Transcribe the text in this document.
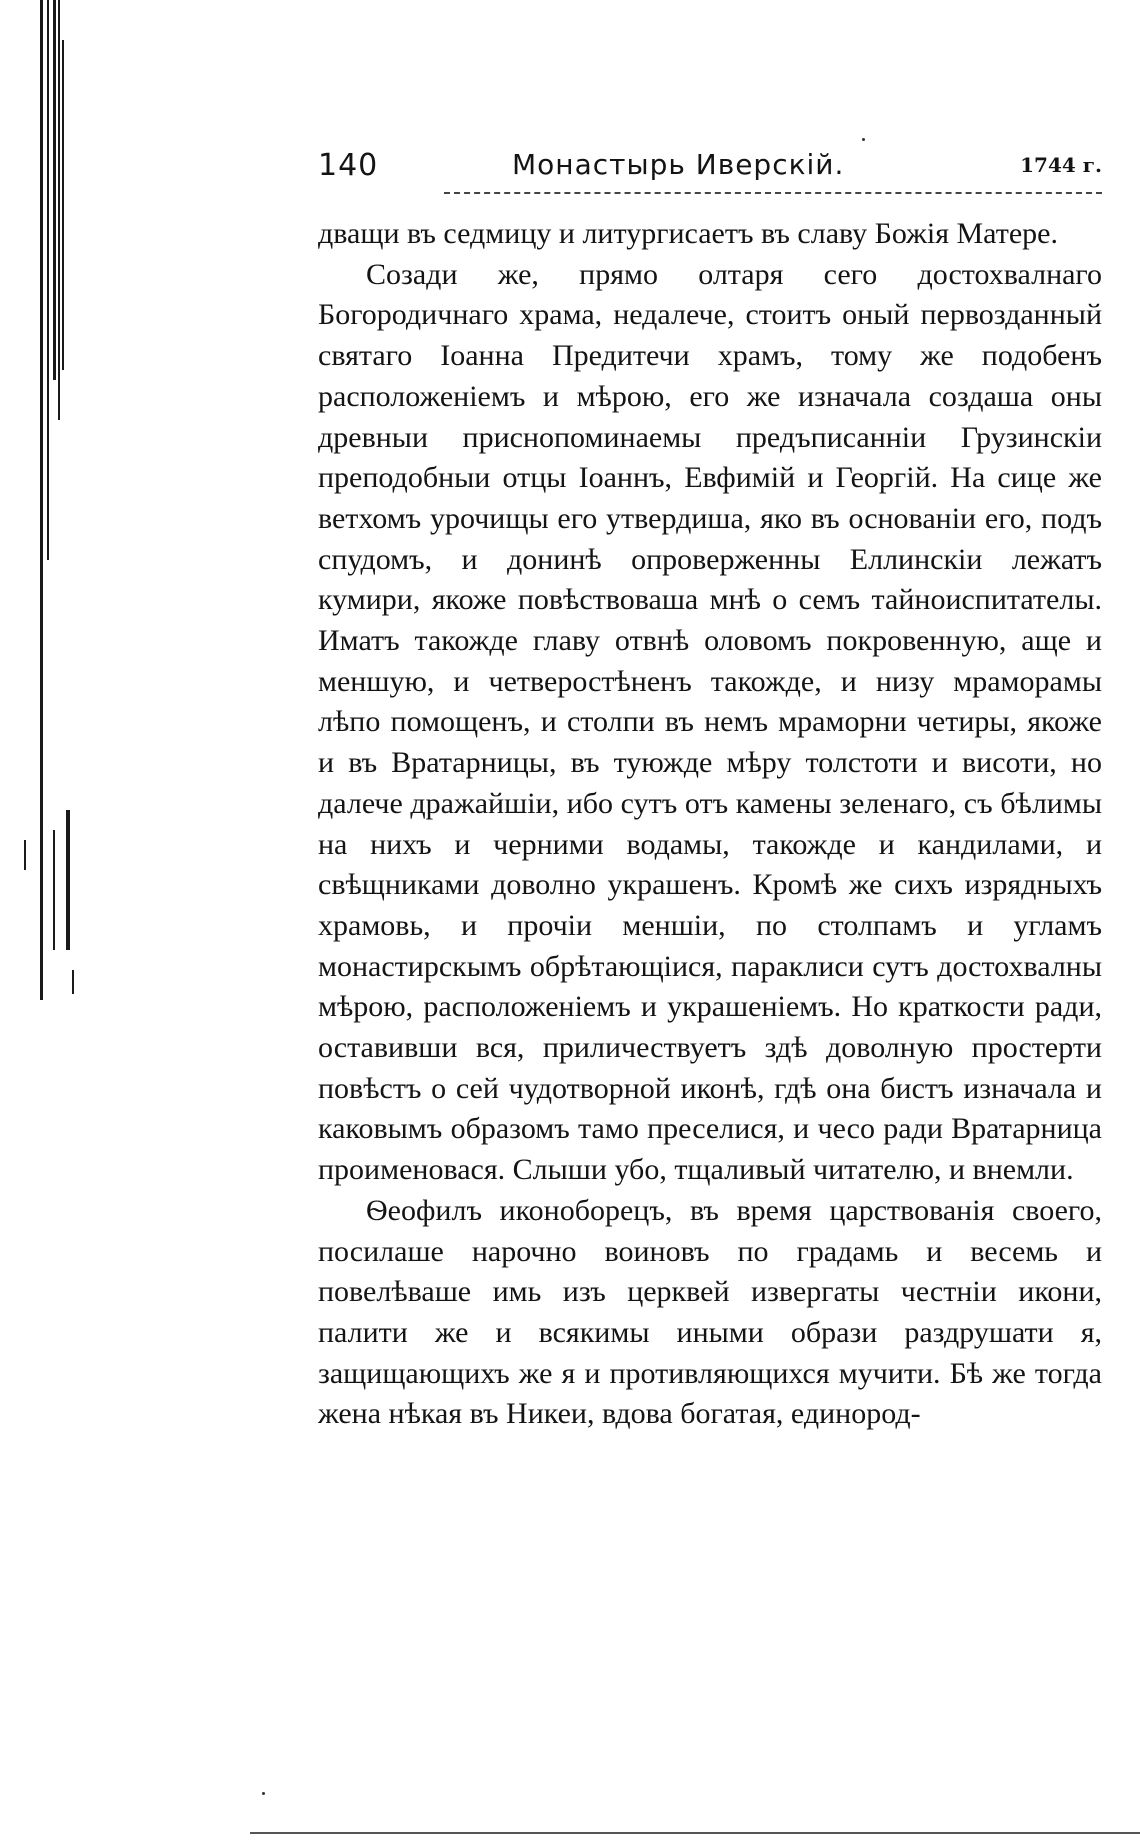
140	Монастырь Иверскій.	1744 г.

дващи въ седмицу и литургисаетъ въ славу Божія Матере.

Созади же, прямо олтаря сего достохвалнаго Богородичнаго храма, недалече, стоитъ оный первозданный святаго Іоанна Предитечи храмъ, тому же подобенъ расположеніемъ и мѣрою, его же изначала создаша оны древныи приснопоминаемы предъписанніи Грузинскіи преподобныи отцы Іоаннъ, Евфимій и Георгій. На сице же ветхомъ урочищы его утвердиша, яко въ основаніи его, подъ спудомъ, и донинѣ опроверженны Еллинскіи лежатъ кумири, якоже повѣствоваша мнѣ о семъ тайноиспитателы. Иматъ такожде главу отвнѣ оловомъ покровенную, аще и меншую, и четверостѣненъ такожде, и низу мраморамы лѣпо помощенъ, и столпи въ немъ мраморни четиры, якоже и въ Вратарницы, въ туюжде мѣру толстоти и висоти, но далече дражайшіи, ибо сутъ отъ камены зеленаго, съ бѣлимы на нихъ и черними водамы, такожде и кандилами, и свѣщниками доволно украшенъ. Кромѣ же сихъ изрядныхъ храмовь, и прочіи меншіи, по столпамъ и угламъ монастирскымъ обрѣтающіися, параклиси сутъ достохвалны мѣрою, расположеніемъ и украшеніемъ. Но краткости ради, оставивши вся, приличествуетъ здѣ доволную простерти повѣстъ о сей чудотворной иконѣ, гдѣ она бистъ изначала и каковымъ образомъ тамо преселися, и чесо ради Вратарница проименовася. Слыши убо, тщаливый читателю, и внемли.

Ѳеофилъ иконоборецъ, въ время царствованія своего, посилаше нарочно воиновъ по градамь и весемь и повелѣваше имь изъ церквей извергаты честніи икони, палити же и всякимы иными образи раздрушати я, защищающихъ же я и противляющихся мучити. Бѣ же тогда жена нѣкая въ Никеи, вдова богатая, единород-
